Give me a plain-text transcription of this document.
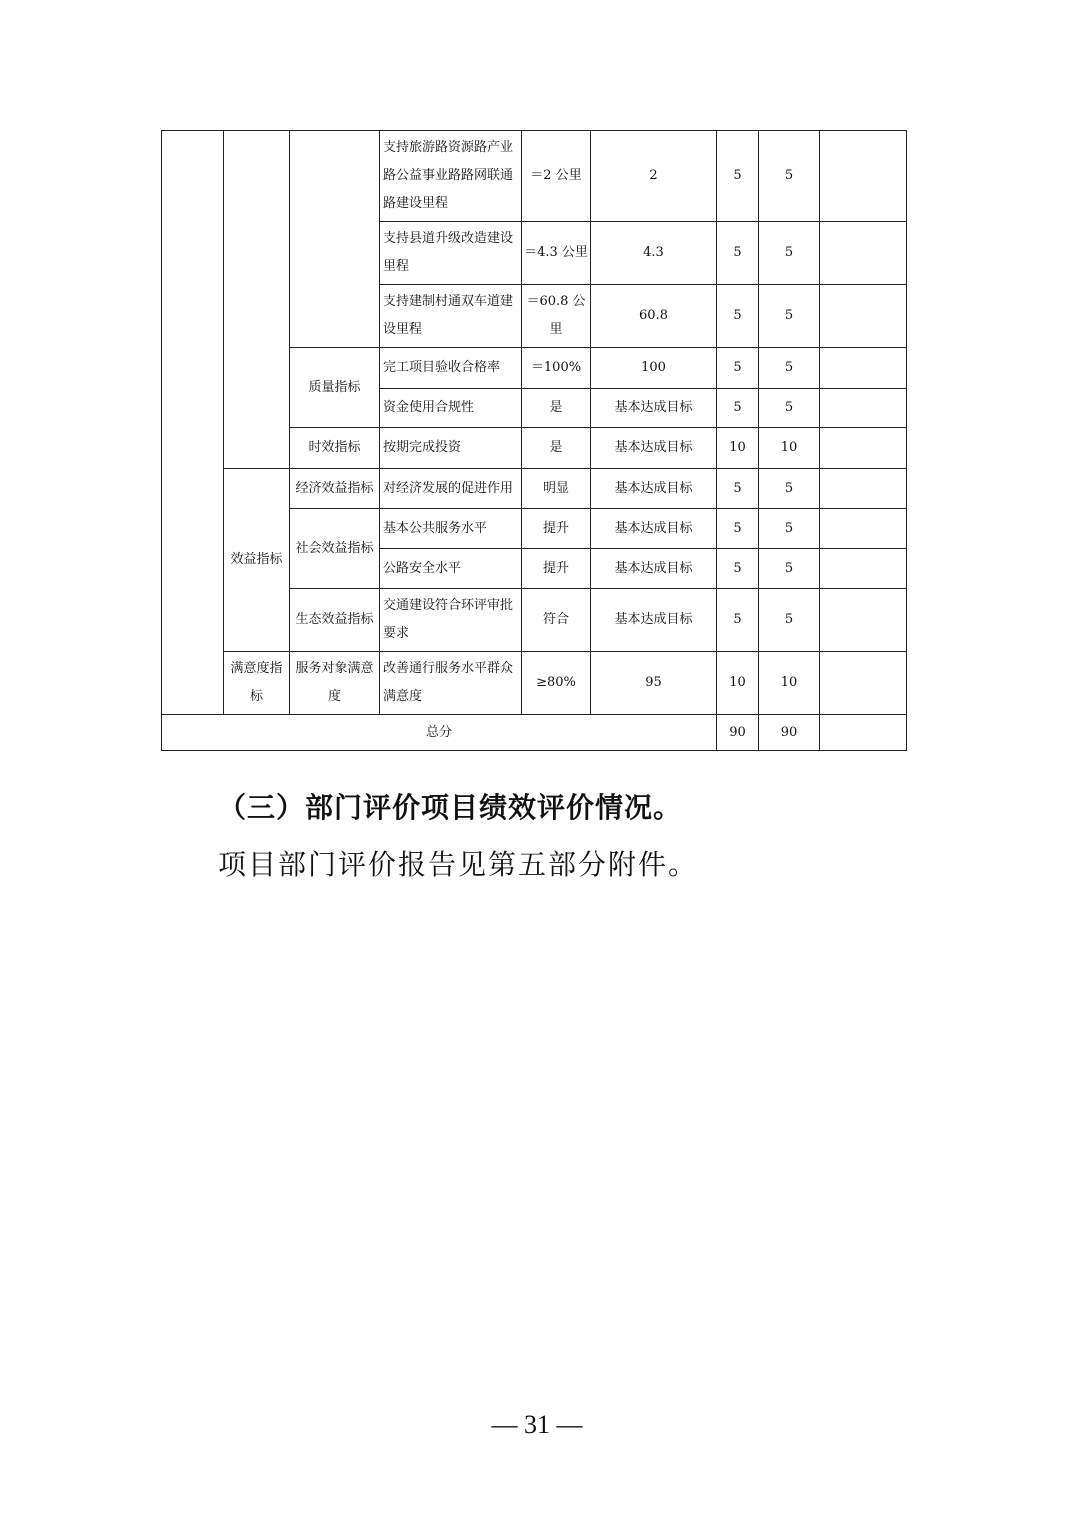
			支持旅游路资源路产业路公益事业路路网联通路建设里程	＝2 公里	2	5	5	
			支持县道升级改造建设里程	＝4.3 公里	4.3	5	5	
			支持建制村通双车道建设里程	＝60.8 公里	60.8	5	5	
		质量指标	完工项目验收合格率	＝100%	100	5	5	
			资金使用合规性	是	基本达成目标	5	5	
		时效指标	按期完成投资	是	基本达成目标	10	10	
	效益指标	经济效益指标	对经济发展的促进作用	明显	基本达成目标	5	5	
		社会效益指标	基本公共服务水平	提升	基本达成目标	5	5	
			公路安全水平	提升	基本达成目标	5	5	
		生态效益指标	交通建设符合环评审批要求	符合	基本达成目标	5	5	
	满意度指标	服务对象满意度	改善通行服务水平群众满意度	≥80%	95	10	10	
总分						90	90	
（三）部门评价项目绩效评价情况。
项目部门评价报告见第五部分附件。
— 31 —
